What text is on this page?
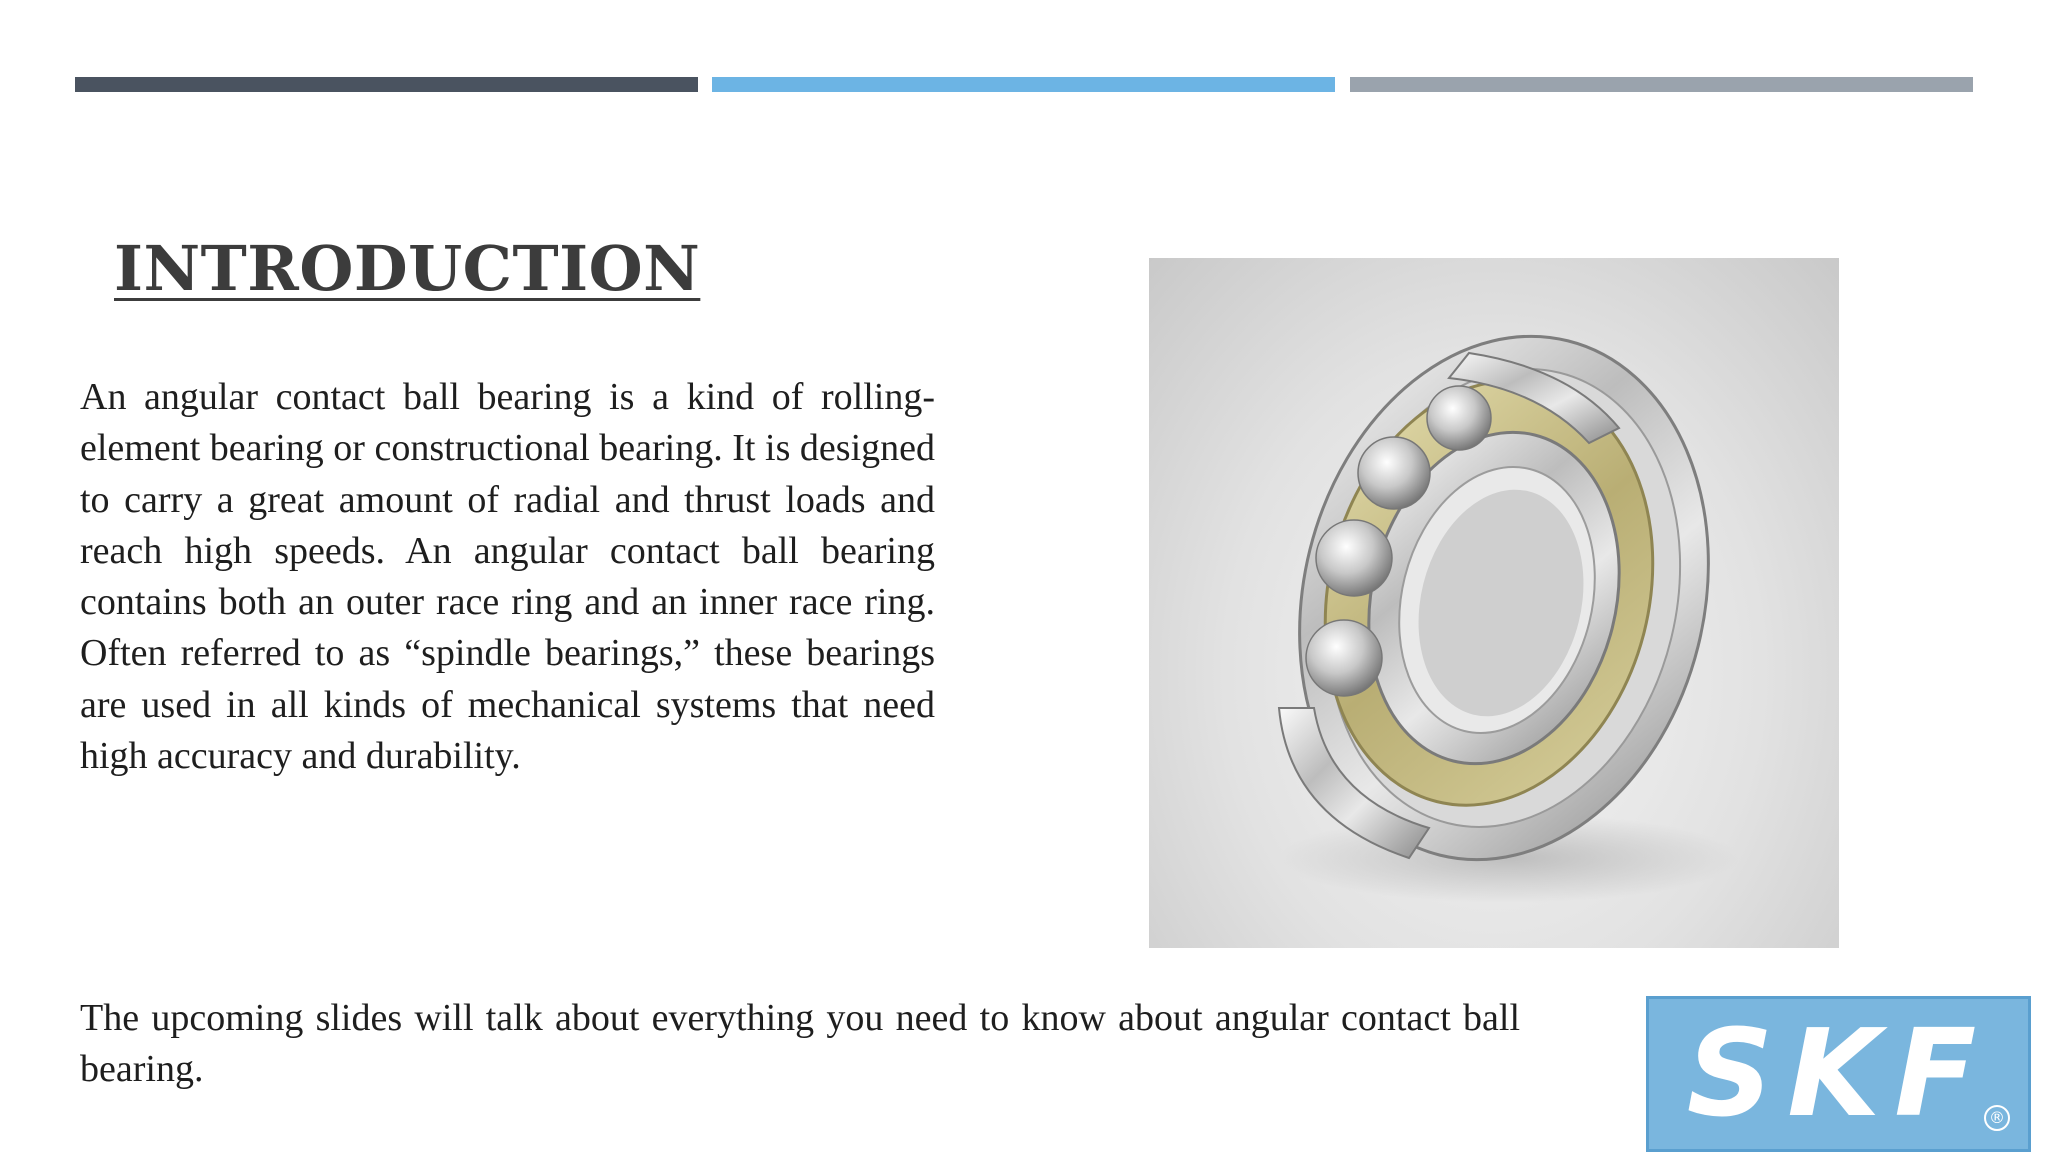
INTRODUCTION

An angular contact ball bearing is a kind of rolling-element bearing or constructional bearing. It is designed to carry a great amount of radial and thrust loads and reach high speeds. An angular contact ball bearing contains both an outer race ring and an inner race ring. Often referred to as “spindle bearings,” these bearings are used in all kinds of mechanical systems that need high accuracy and durability.

The upcoming slides will talk about everything you need to know about angular contact ball bearing.	SKF
®
